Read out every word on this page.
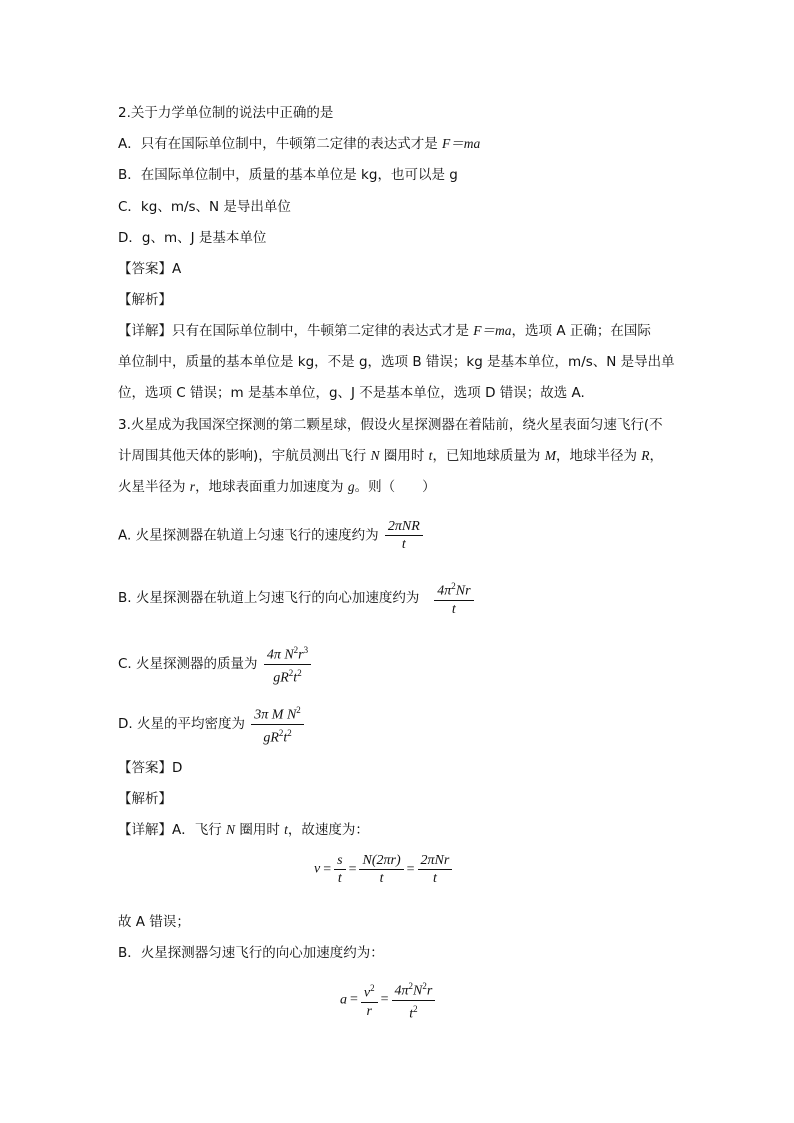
2.关于力学单位制的说法中正确的是
A．只有在国际单位制中，牛顿第二定律的表达式才是 F＝ma
B．在国际单位制中，质量的基本单位是 kg，也可以是 g
C．kg、m/s、N 是导出单位
D．g、m、J 是基本单位
【答案】A
【解析】
【详解】只有在国际单位制中，牛顿第二定律的表达式才是 F＝ma，选项 A 正确；在国际
单位制中，质量的基本单位是 kg，不是 g，选项 B 错误；kg 是基本单位，m/s、N 是导出单
位，选项 C 错误；m 是基本单位，g、J 不是基本单位，选项 D 错误；故选 A.
3.火星成为我国深空探测的第二颗星球，假设火星探测器在着陆前，绕火星表面匀速飞行(不
计周围其他天体的影响)，宇航员测出飞行 N 圈用时 t，已知地球质量为 M，地球半径为 R，
火星半径为 r，地球表面重力加速度为 g。则（　　）
A. 火星探测器在轨道上匀速飞行的速度约为 $\frac{\text{2πNR}}{t}$
B. 火星探测器在轨道上匀速飞行的向心加速度约为 $\frac{4\pi^2Nr}{t}$
C. 火星探测器的质量为 $\frac{4\pi N^2r^3}{gR^2t^2}$
D. 火星的平均密度为 $\frac{3\pi M N^2}{gR^2t^2}$
【答案】D
【解析】
【详解】A．飞行 N 圈用时 t，故速度为：
$v = \frac{s}{t} = \frac{N(2\pi r)}{t} = \frac{\text{2πNr}}{t}$
故 A 错误；
B．火星探测器匀速飞行的向心加速度约为：
$a = \frac{v^2}{r} = \frac{4\pi^2N^2r}{t^2}$
